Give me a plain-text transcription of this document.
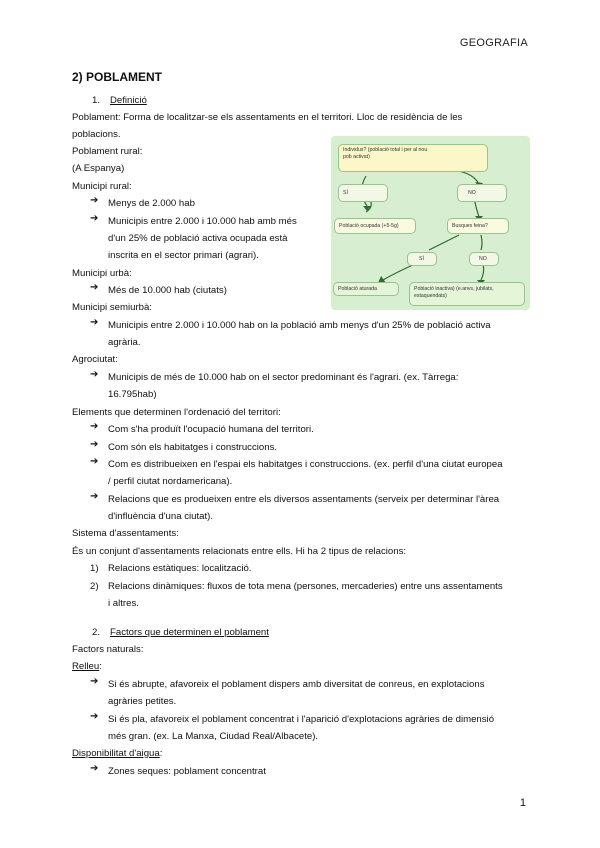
GEOGRAFIA
2) POBLAMENT
1. Definició
Poblament: Forma de localitzar-se els assentaments en el territori. Lloc de residència de les
poblacions.
Poblament rural:
(A Espanya)
Municipi rural:
➔ Menys de 2.000 hab
➔ Municipis entre 2.000 i 10.000 hab amb més
d'un 25% de població activa ocupada està
inscrita en el sector primari (agrari).
Municipi urbà:
➔ Més de 10.000 hab (ciutats)
Municipi semiurbà:
➔ Municipis entre 2.000 i 10.000 hab on la població amb menys d'un 25% de població activa
agrària.
Agrociutat:
➔ Municipis de més de 10.000 hab on el sector predominant és l'agrari. (ex. Tàrrega:
16.795hab)
Individus? (població total i per al nou
pob activat)
SÍ	NO
Població ocupada (+5-5g)	Busques feina?
SÍ	NO
Població aturada	Població inactiva) (e.anvs, jubilats,
estaquendats)
Elements que determinen l'ordenació del territori:
➔ Com s'ha produït l'ocupació humana del territori.
➔ Com són els habitatges i construccions.
➔ Com es distribueixen en l'espai els habitatges i construccions. (ex. perfil d'una ciutat europea
/ perfil ciutat nordamericana).
➔ Relacions que es produeixen entre els diversos assentaments (serveix per determinar l'àrea
d'influència d'una ciutat).
Sistema d'assentaments:
És un conjunt d'assentaments relacionats entre ells. Hi ha 2 tipus de relacions:
1) Relacions estàtiques: localització.
2) Relacions dinàmiques: fluxos de tota mena (persones, mercaderies) entre uns assentaments
i altres.
2. Factors que determinen el poblament
Factors naturals:
Relleu:
➔ Si és abrupte, afavoreix el poblament dispers amb diversitat de conreus, en explotacions
agràries petites.
➔ Si és pla, afavoreix el poblament concentrat i l'aparició d'explotacions agràries de dimensió
més gran. (ex. La Manxa, Ciudad Real/Albacete).
Disponibilitat d'aigua:
➔ Zones seques: poblament concentrat
1
